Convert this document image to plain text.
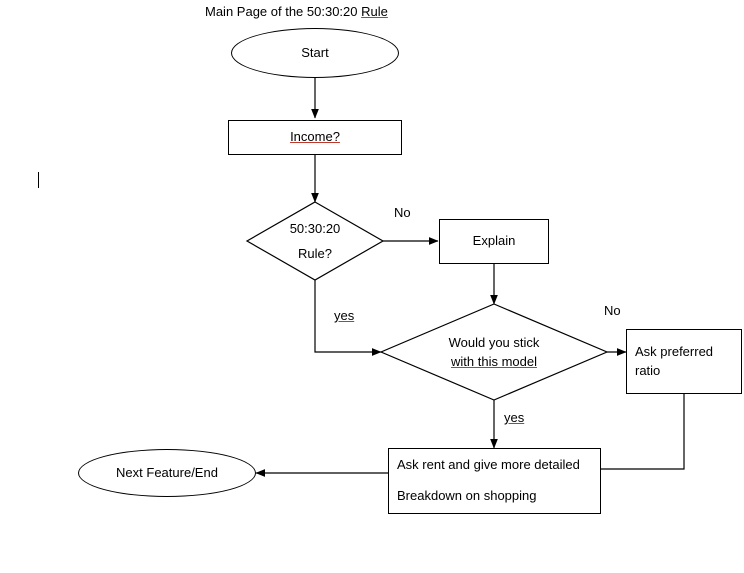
Main Page of the 50:30:20 Rule
Start
Income?
50:30:20
Rule?
Explain
Would you stick
with this model
Ask preferred
ratio
Ask rent and give more detailed
Breakdown on shopping
Next Feature/End
No
yes	No
yes
